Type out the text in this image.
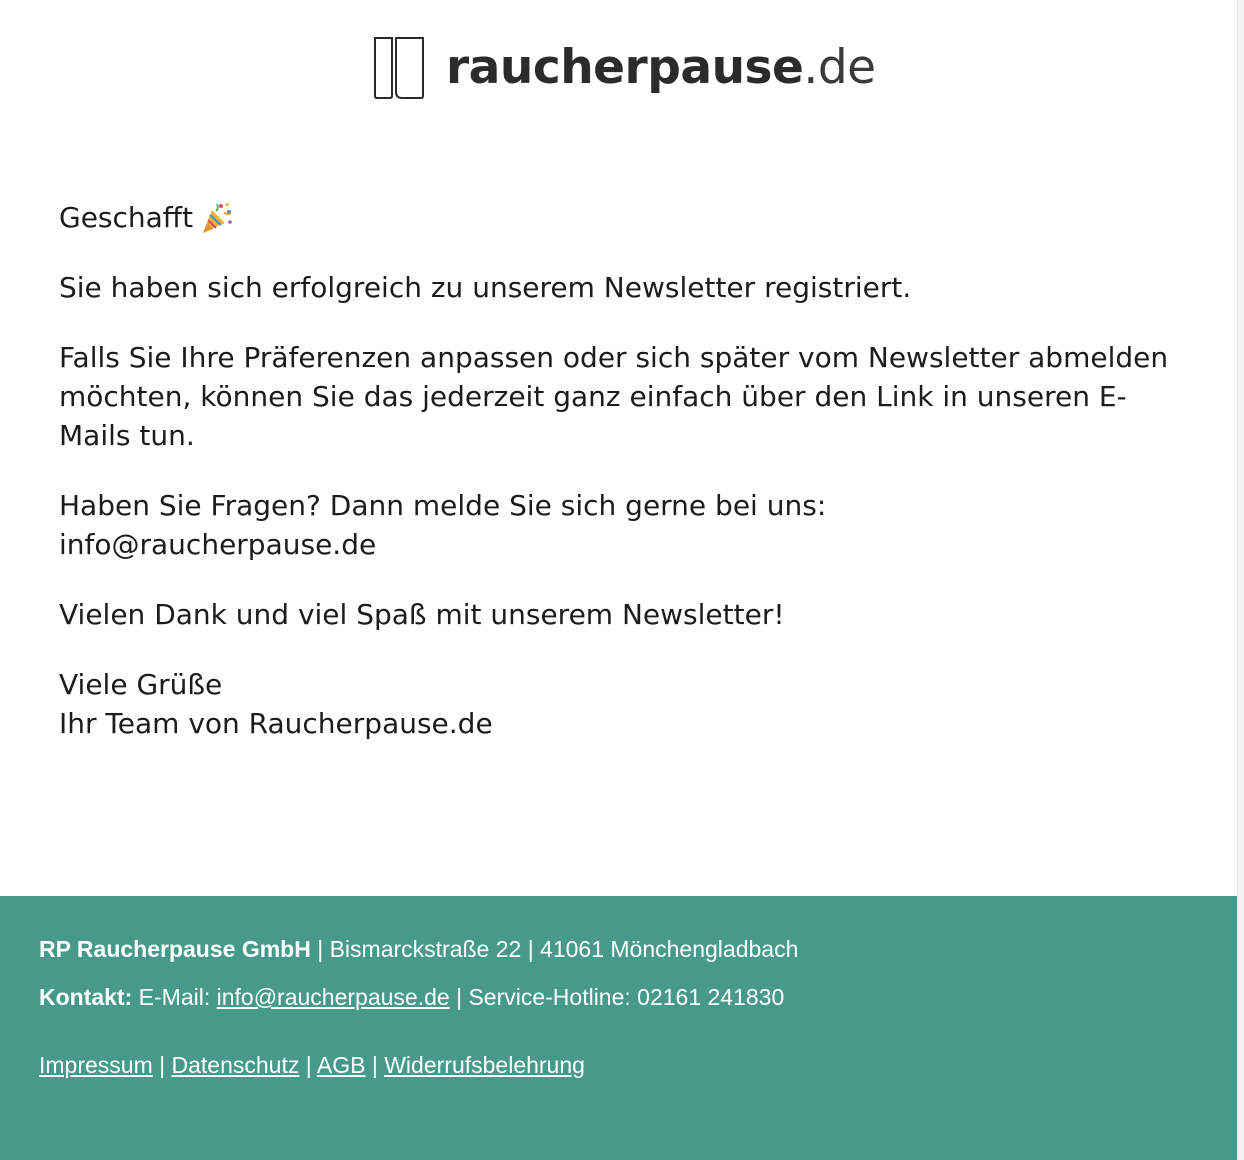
raucherpause.de

Geschafft

Sie haben sich erfolgreich zu unserem Newsletter registriert.

Falls Sie Ihre Präferenzen anpassen oder sich später vom Newsletter abmelden möchten, können Sie das jederzeit ganz einfach über den Link in unseren E-Mails tun.

Haben Sie Fragen? Dann melde Sie sich gerne bei uns:
info@raucherpause.de

Vielen Dank und viel Spaß mit unserem Newsletter!

Viele Grüße
Ihr Team von Raucherpause.de

RP Raucherpause GmbH | Bismarckstraße 22 | 41061 Mönchengladbach
Kontakt: E-Mail: info@raucherpause.de | Service-Hotline: 02161 241830
Impressum | Datenschutz | AGB | Widerrufsbelehrung
